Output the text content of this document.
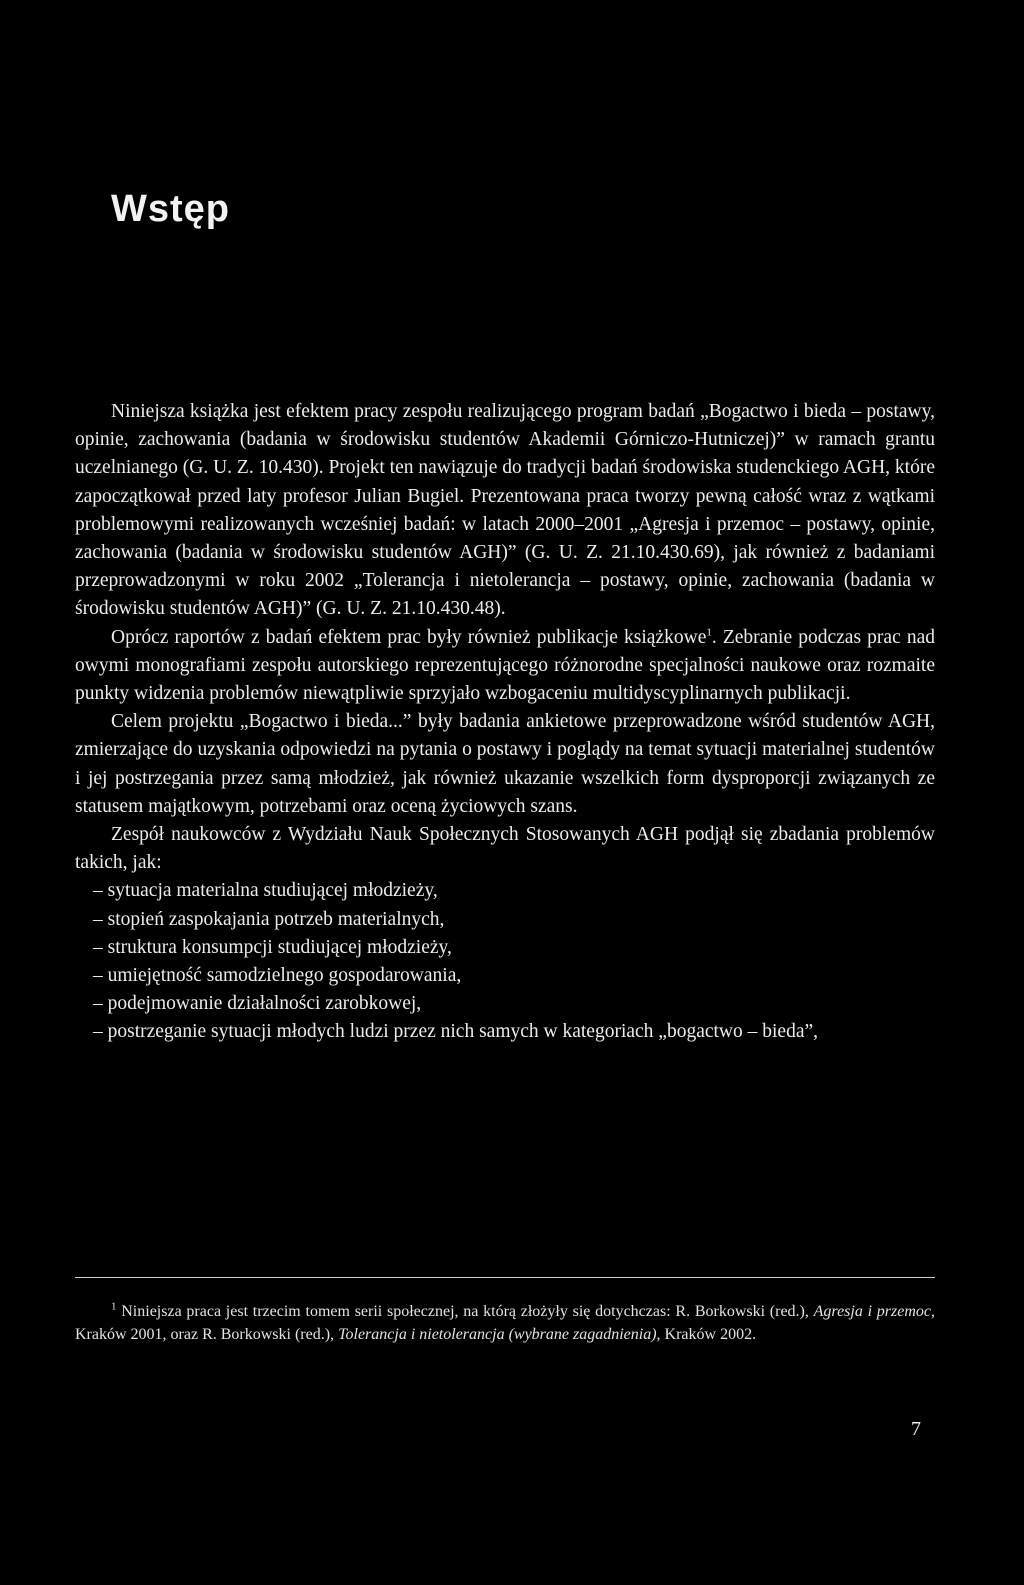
Wstęp

Niniejsza książka jest efektem pracy zespołu realizującego program badań „Bogactwo i bieda – postawy, opinie, zachowania (badania w środowisku studentów Akademii Górniczo-Hutniczej)” w ramach grantu uczelnianego (G. U. Z. 10.430). Projekt ten nawiązuje do tradycji badań środowiska studenckiego AGH, które zapoczątkował przed laty profesor Julian Bugiel. Prezentowana praca tworzy pewną całość wraz z wątkami problemowymi realizowanych wcześniej badań: w latach 2000–2001 „Agresja i przemoc – postawy, opinie, zachowania (badania w środowisku studentów AGH)” (G. U. Z. 21.10.430.69), jak również z badaniami przeprowadzonymi w roku 2002 „Tolerancja i nietolerancja – postawy, opinie, zachowania (badania w środowisku studentów AGH)” (G. U. Z. 21.10.430.48).

Oprócz raportów z badań efektem prac były również publikacje książkowe$^1$. Zebranie podczas prac nad owymi monografiami zespołu autorskiego reprezentującego różnorodne specjalności naukowe oraz rozmaite punkty widzenia problemów niewątpliwie sprzyjało wzbogaceniu multidyscyplinarnych publikacji.

Celem projektu „Bogactwo i bieda...” były badania ankietowe przeprowadzone wśród studentów AGH, zmierzające do uzyskania odpowiedzi na pytania o postawy i poglądy na temat sytuacji materialnej studentów i jej postrzegania przez samą młodzież, jak również ukazanie wszelkich form dysproporcji związanych ze statusem majątkowym, potrzebami oraz oceną życiowych szans.

Zespół naukowców z Wydziału Nauk Społecznych Stosowanych AGH podjął się zbadania problemów takich, jak:

– sytuacja materialna studiującej młodzieży,
– stopień zaspokajania potrzeb materialnych,
– struktura konsumpcji studiującej młodzieży,
– umiejętność samodzielnego gospodarowania,
– podejmowanie działalności zarobkowej,
– postrzeganie sytuacji młodych ludzi przez nich samych w kategoriach „bogactwo – bieda”,

$^1$ Niniejsza praca jest trzecim tomem serii społecznej, na którą złożyły się dotychczas: R. Borkowski (red.), Agresja i przemoc, Kraków 2001, oraz R. Borkowski (red.), Tolerancja i nietolerancja (wybrane zagadnienia), Kraków 2002.

7
